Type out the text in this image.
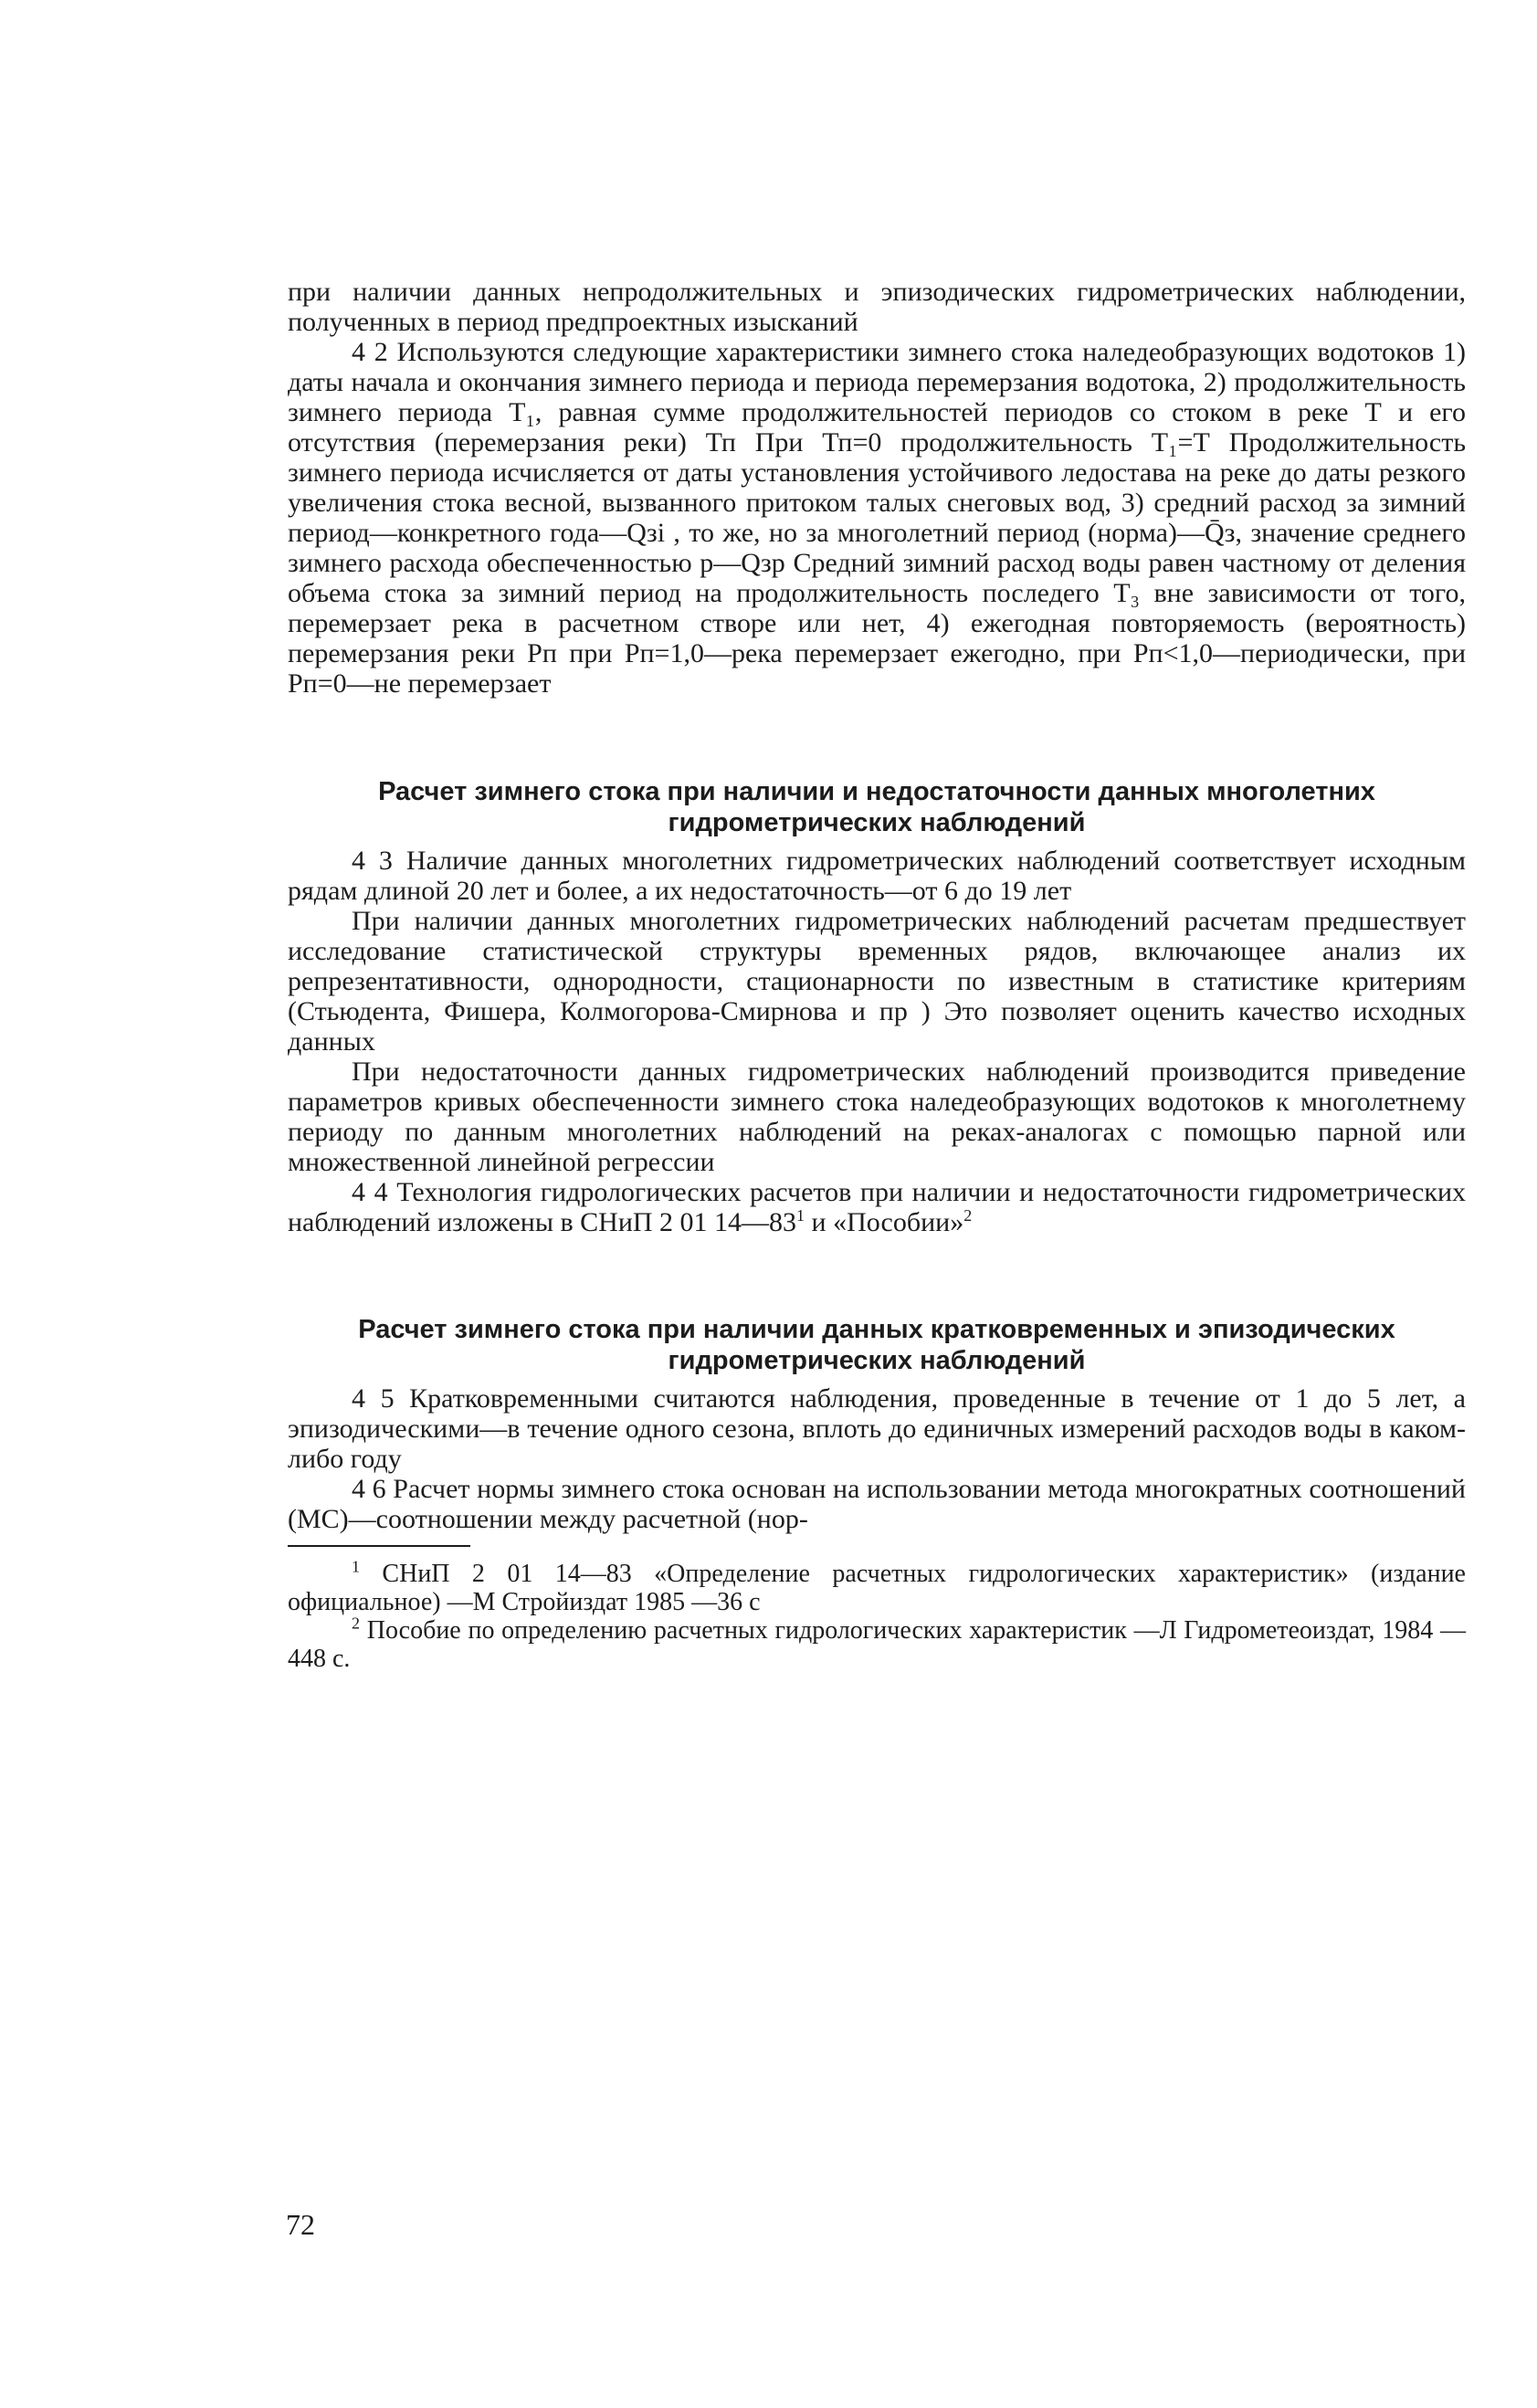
при наличии данных непродолжительных и эпизодических гидрометрических наблюдении, полученных в период предпроектных изысканий

4 2 Используются следующие характеристики зимнего стока наледеобразующих водотоков 1) даты начала и окончания зимнего периода и периода перемерзания водотока, 2) продолжительность зимнего периода Т₁, равная сумме продолжительностей периодов со стоком в реке Т и его отсутствия (перемерзания реки) Тп При Тп=0 продолжительность Т₁=Т Продолжительность зимнего периода исчисляется от даты установления устойчивого ледостава на реке до даты резкого увеличения стока весной, вызванного притоком талых снеговых вод, 3) средний расход за зимний период—конкретного года—Qзi , то же, но за многолетний период (норма)—Q̄з, значение среднего зимнего расхода обеспеченностью р—Qзр Средний зимний расход воды равен частному от деления объема стока за зимний период на продолжительность последего Т₃ вне зависимости от того, перемерзает река в расчетном створе или нет, 4) ежегодная повторяемость (вероятность) перемерзания реки Рп при Рп=1,0—река перемерзает ежегодно, при Рп<1,0—периодически, при Рп=0—не перемерзает

Расчет зимнего стока при наличии и недостаточности данных многолетних гидрометрических наблюдений

4 3 Наличие данных многолетних гидрометрических наблюдений соответствует исходным рядам длиной 20 лет и более, а их недостаточность—от 6 до 19 лет

При наличии данных многолетних гидрометрических наблюдений расчетам предшествует исследование статистической структуры временных рядов, включающее анализ их репрезентативности, однородности, стационарности по известным в статистике критериям (Стьюдента, Фишера, Колмогорова-Смирнова и пр ) Это позволяет оценить качество исходных данных

При недостаточности данных гидрометрических наблюдений производится приведение параметров кривых обеспеченности зимнего стока наледеобразующих водотоков к многолетнему периоду по данным многолетних наблюдений на реках-аналогах с помощью парной или множественной линейной регрессии

4 4 Технология гидрологических расчетов при наличии и недостаточности гидрометрических наблюдений изложены в СНиП 2 01 $14—83^1$ и «Пособии»$^2$

Расчет зимнего стока при наличии данных кратковременных и эпизодических гидрометрических наблюдений

4 5 Кратковременными считаются наблюдения, проведенные в течение от 1 до 5 лет, а эпизодическими—в течение одного сезона, вплоть до единичных измерений расходов воды в каком-либо году

4 6 Расчет нормы зимнего стока основан на использовании метода многократных соотношений (МС)—соотношении между расчетной (нор-

$^1$ СНиП 2 01 14—83 «Определение расчетных гидрологических характеристик» (издание официальное) —М Стройиздат 1985 —36 с

$^2$ Пособие по определению расчетных гидрологических характеристик —Л Гидрометеоиздат, 1984 —448 с.

72
